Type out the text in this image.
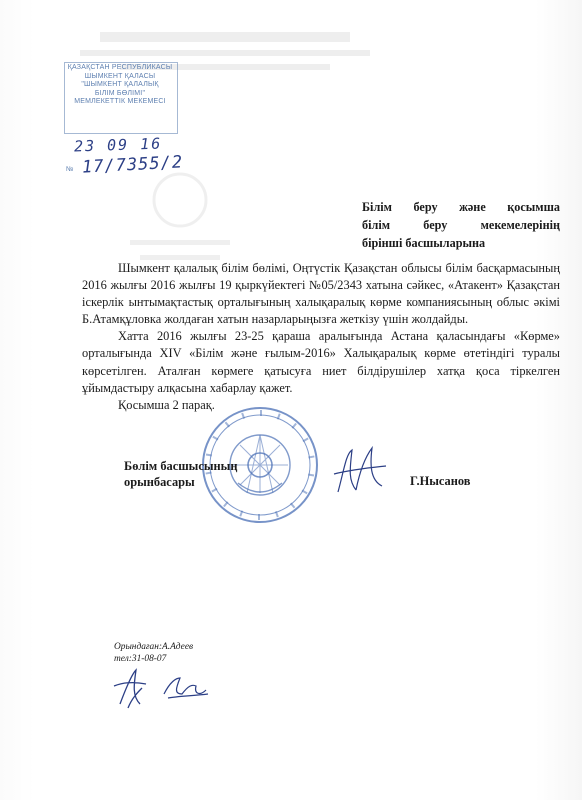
ҚАЗАҚСТАН РЕСПУБЛИКАСЫ
ШЫМКЕНТ ҚАЛАСЫ
"ШЫМКЕНТ ҚАЛАЛЫҚ
БІЛІМ БӨЛІМІ"
МЕМЛЕКЕТТІК МЕКЕМЕСІ
23 09 16
№ 17/7355/2
Білім беру және қосымша
білім беру мекемелерінің
бірінші басшыларына

Шымкент қалалық білім бөлімі, Оңтүстік Қазақстан облысы білім басқармасының 2016 жылғы 2016 жылғы 19 қыркүйектегі №05/2343 хатына сәйкес, «Атакент» Қазақстан іскерлік ынтымақтастық орталығының халықаралық көрме компаниясының облыс әкімі Б.Атамқұловка жолдаған хатын назарларыңызға жеткізу үшін жолдайды.

Хатта 2016 жылғы 23-25 қараша аралығында Астана қаласындағы «Көрме» орталығында XIV «Білім және ғылым-2016» Халықаралық көрме өтетіндігі туралы көрсетілген. Аталған көрмеге қатысуға ниет білдірушілер хатқа қоса тіркелген ұйымдастыру алқасына хабарлау қажет.

Қосымша 2 парақ.

Бөлім басшысының
орынбасары	Г.Нысанов
Орындаған:А.Адеев
тел:31-08-07
